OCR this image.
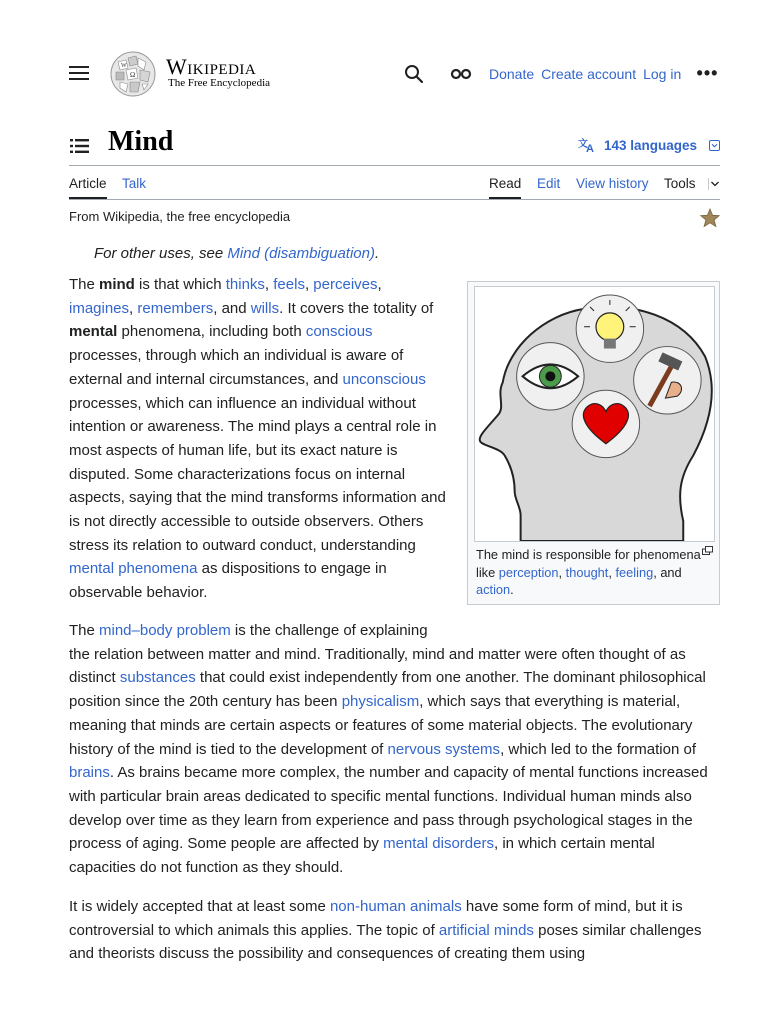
W
Ω Wikipedia
The Free Encyclopedia
Donate Create account Log in •••
Mind	文
A 143 languages
Article Talk	Read Edit View history Tools
From Wikipedia, the free encyclopedia
For other uses, see Mind (disambiguation).
The mind is responsible for phenomena like perception, thought, feeling, and action.

The mind is that which thinks, feels, perceives, imagines, remembers, and wills. It covers the totality of mental phenomena, including both conscious processes, through which an individual is aware of external and internal circumstances, and unconscious processes, which can influence an individual without intention or awareness. The mind plays a central role in most aspects of human life, but its exact nature is disputed. Some characterizations focus on internal aspects, saying that the mind transforms information and is not directly accessible to outside observers. Others stress its relation to outward conduct, understanding mental phenomena as dispositions to engage in observable behavior.

The mind–body problem is the challenge of explaining
the relation between matter and mind. Traditionally, mind and matter were often thought of as distinct substances that could exist independently from one another. The dominant philosophical position since the 20th century has been physicalism, which says that everything is material, meaning that minds are certain aspects or features of some material objects. The evolutionary history of the mind is tied to the development of nervous systems, which led to the formation of brains. As brains became more complex, the number and capacity of mental functions increased with particular brain areas dedicated to specific mental functions. Individual human minds also develop over time as they learn from experience and pass through psychological stages in the process of aging. Some people are affected by mental disorders, in which certain mental capacities do not function as they should.

It is widely accepted that at least some non-human animals have some form of mind, but it is controversial to which animals this applies. The topic of artificial minds poses similar challenges and theorists discuss the possibility and consequences of creating them using
